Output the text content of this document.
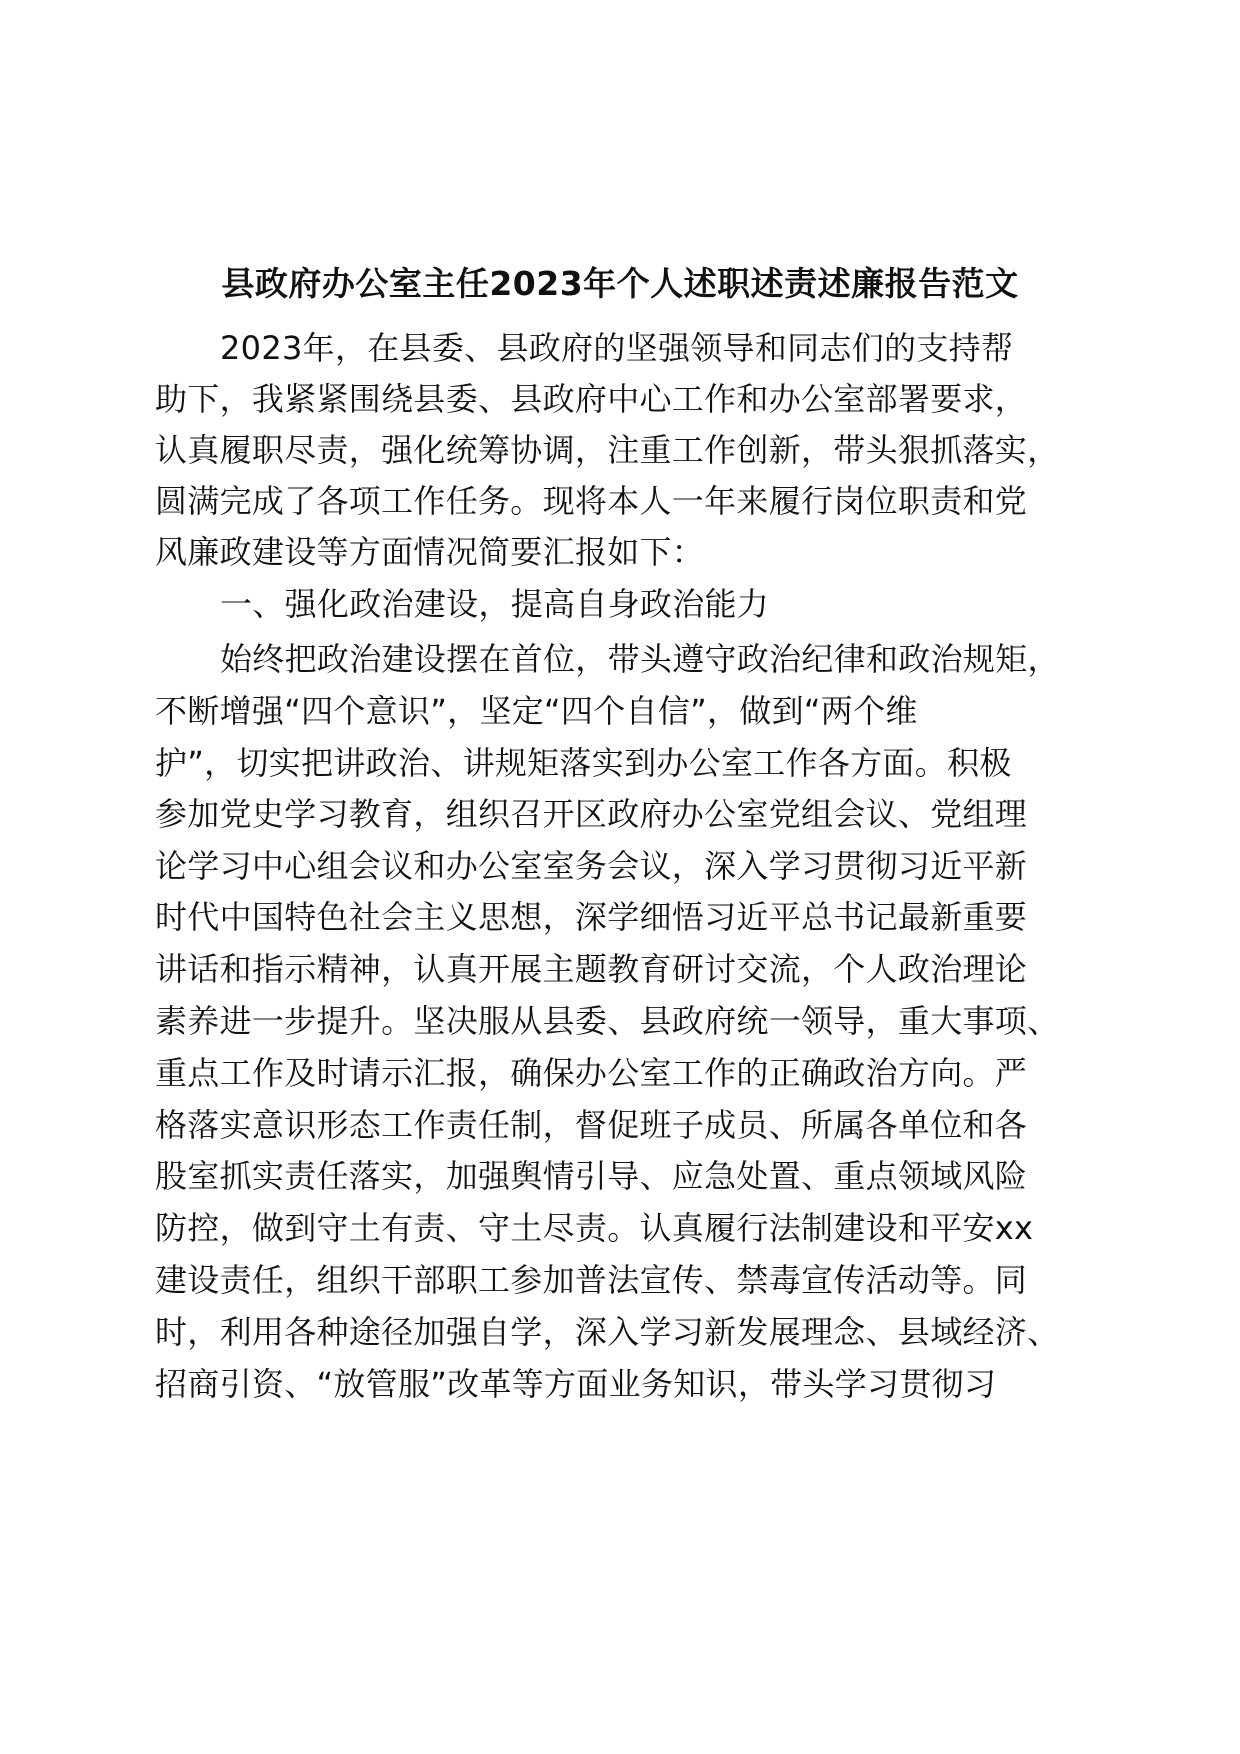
县政府办公室主任2023年个人述职述责述廉报告范文
2023年，在县委、县政府的坚强领导和同志们的支持帮
助下，我紧紧围绕县委、县政府中心工作和办公室部署要求，
认真履职尽责，强化统筹协调，注重工作创新，带头狠抓落实，
圆满完成了各项工作任务。现将本人一年来履行岗位职责和党
风廉政建设等方面情况简要汇报如下：
一、强化政治建设，提高自身政治能力
始终把政治建设摆在首位，带头遵守政治纪律和政治规矩，
不断增强“四个意识”，坚定“四个自信”，做到“两个维
护”，切实把讲政治、讲规矩落实到办公室工作各方面。积极
参加党史学习教育，组织召开区政府办公室党组会议、党组理
论学习中心组会议和办公室室务会议，深入学习贯彻习近平新
时代中国特色社会主义思想，深学细悟习近平总书记最新重要
讲话和指示精神，认真开展主题教育研讨交流，个人政治理论
素养进一步提升。坚决服从县委、县政府统一领导，重大事项、
重点工作及时请示汇报，确保办公室工作的正确政治方向。严
格落实意识形态工作责任制，督促班子成员、所属各单位和各
股室抓实责任落实，加强舆情引导、应急处置、重点领域风险
防控，做到守土有责、守土尽责。认真履行法制建设和平安xx
建设责任，组织干部职工参加普法宣传、禁毒宣传活动等。同
时，利用各种途径加强自学，深入学习新发展理念、县域经济、
招商引资、“放管服”改革等方面业务知识，带头学习贯彻习
